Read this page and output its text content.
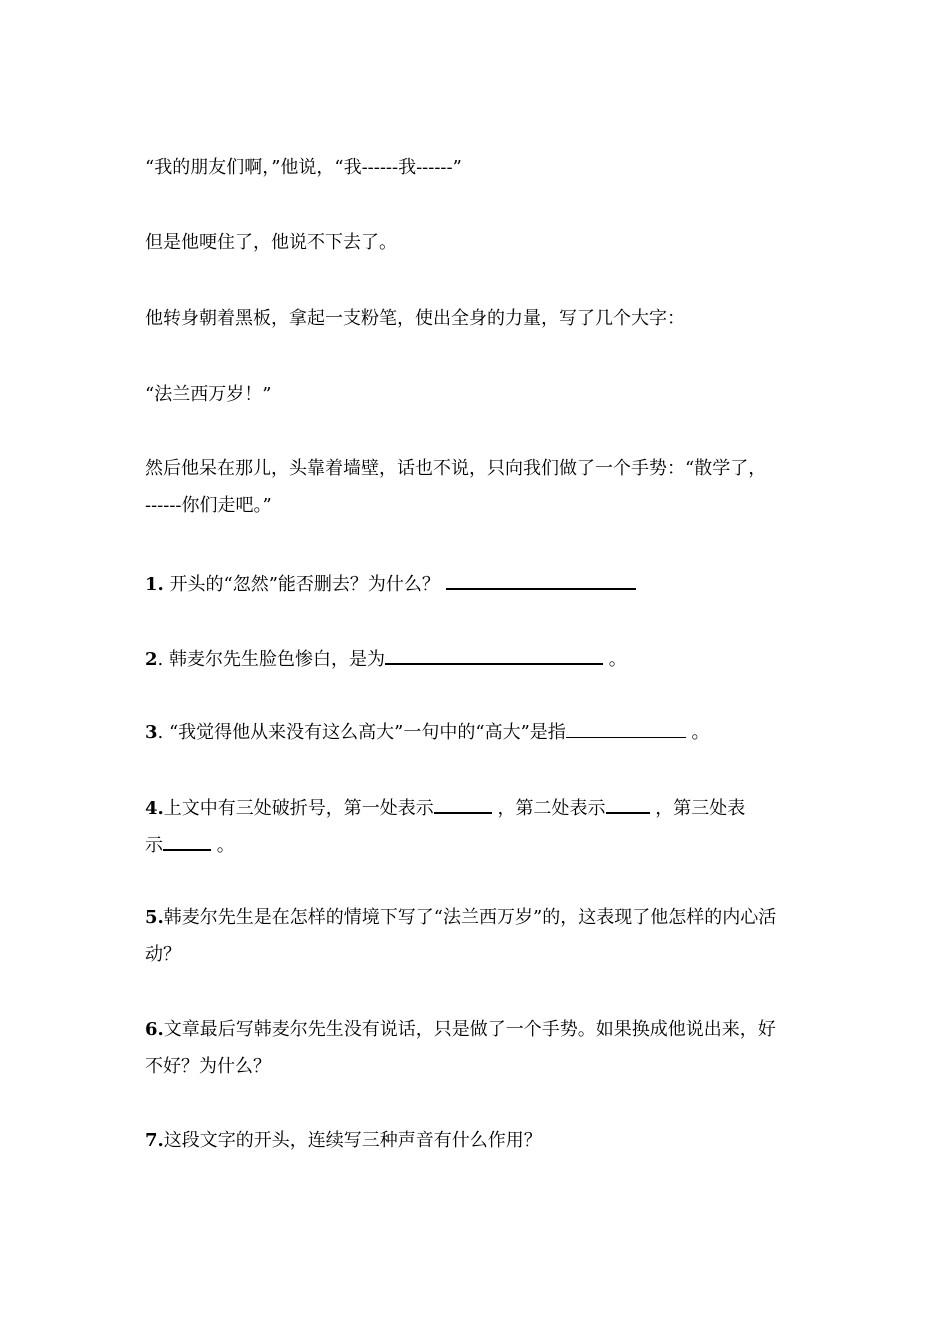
“我的朋友们啊，”他说，“我------我------”
但是他哽住了，他说不下去了。
他转身朝着黑板，拿起一支粉笔，使出全身的力量，写了几个大字：
“法兰西万岁！”
然后他呆在那儿，头靠着墙壁，话也不说，只向我们做了一个手势：“散学了，
------你们走吧。”
1. 开头的“忽然”能否删去？为什么？
2. 韩麦尔先生脸色惨白，是为	。
3. “我觉得他从来没有这么高大”一句中的“高大”是指	。
4.上文中有三处破折号，第一处表示	，第二处表示	，第三处表
示	。
5.韩麦尔先生是在怎样的情境下写了“法兰西万岁”的，这表现了他怎样的内心活
动？
6.文章最后写韩麦尔先生没有说话，只是做了一个手势。如果换成他说出来，好
不好？为什么？
7.这段文字的开头，连续写三种声音有什么作用？
